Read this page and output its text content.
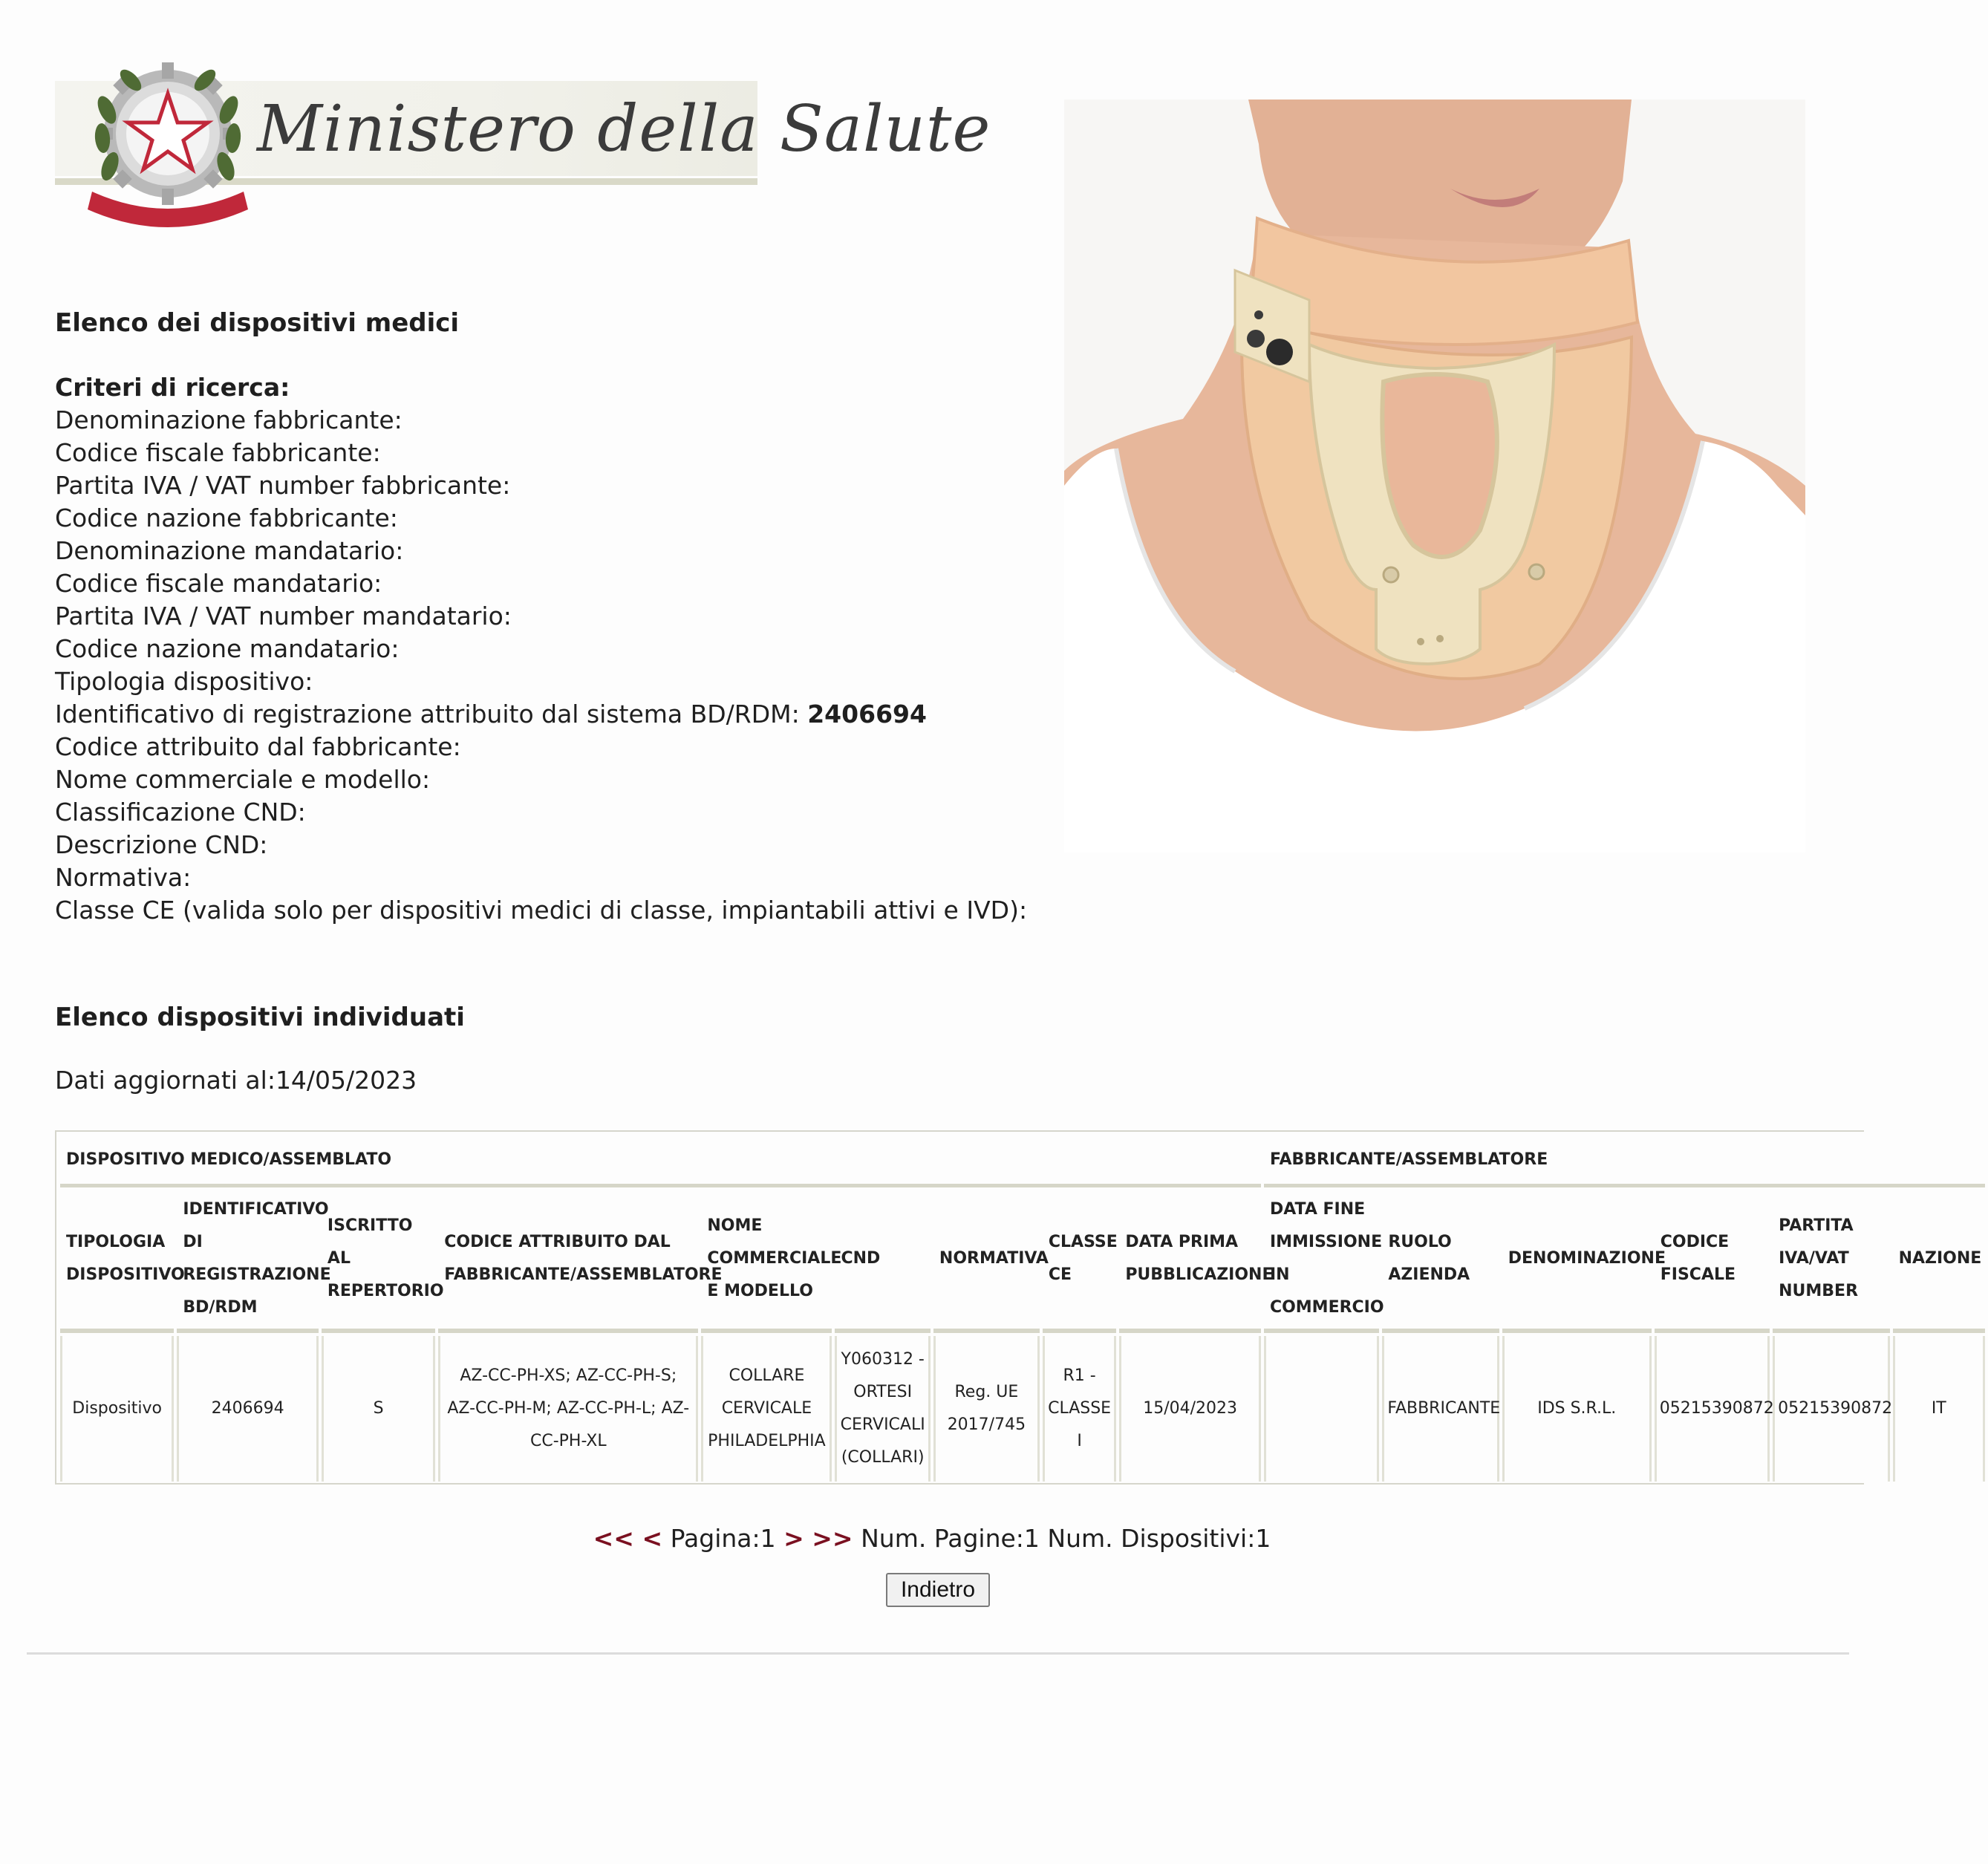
Ministero della Salute
Elenco dei dispositivi medici
Criteri di ricerca:
Denominazione fabbricante:
Codice fiscale fabbricante:
Partita IVA / VAT number fabbricante:
Codice nazione fabbricante:
Denominazione mandatario:
Codice fiscale mandatario:
Partita IVA / VAT number mandatario:
Codice nazione mandatario:
Tipologia dispositivo:
Identificativo di registrazione attribuito dal sistema BD/RDM: 2406694
Codice attribuito dal fabbricante:
Nome commerciale e modello:
Classificazione CND:
Descrizione CND:
Normativa:
Classe CE (valida solo per dispositivi medici di classe, impiantabili attivi e IVD):
Elenco dispositivi individuati
Dati aggiornati al:14/05/2023
DISPOSITIVO MEDICO/ASSEMBLATO									FABBRICANTE/ASSEMBLATORE					
TIPOLOGIA DISPOSITIVO	IDENTIFICATIVO DI REGISTRAZIONE BD/RDM	ISCRITTO AL REPERTORIO	CODICE ATTRIBUITO DAL FABBRICANTE/ASSEMBLATORE	NOME COMMERCIALE E MODELLO	CND	NORMATIVA	CLASSE CE	DATA PRIMA PUBBLICAZIONE	DATA FINE IMMISSIONE IN COMMERCIO	RUOLO AZIENDA	DENOMINAZIONE	CODICE FISCALE	PARTITA IVA/VAT NUMBER	NAZIONE
Dispositivo	2406694	S	AZ-CC-PH-XS; AZ-CC-PH-S; AZ-CC-PH-M; AZ-CC-PH-L; AZ-CC-PH-XL	COLLARE CERVICALE PHILADELPHIA	Y060312 - ORTESI CERVICALI (COLLARI)	Reg. UE 2017/745	R1 - CLASSE I	15/04/2023		FABBRICANTE	IDS S.R.L.	05215390872	05215390872	IT
<< < Pagina:1 > >> Num. Pagine:1 Num. Dispositivi:1
Indietro
